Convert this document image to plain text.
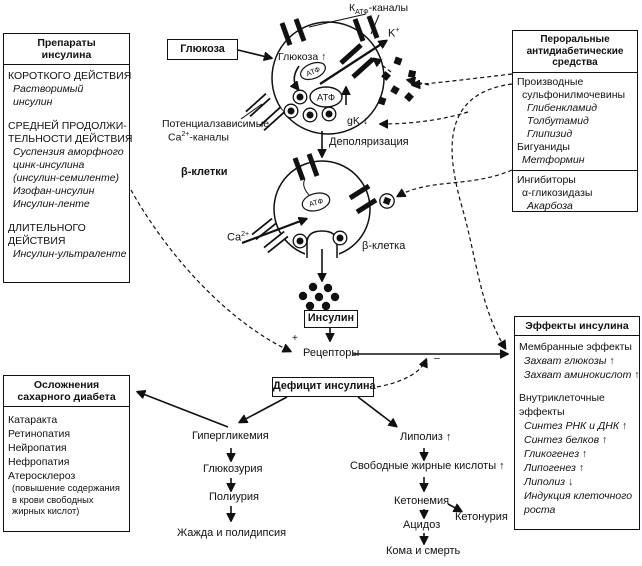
АТФ
АТФ
АТФ
$К_{АТФ}$-каналы
K+
Глюкоза ↑
gK ↓
Деполяризация
β-клетки
β-клетка
Потенциалзависимые
$Ca^{2+}$-каналы
$Ca^{2+}$
+
Рецепторы	–
Глюкоза
Инсулин
Дефицит инсулина
Гипергликемия
Глюкозурия
Полиурия
Жажда и полидипсия
Липолиз ↑
Свободные жирные кислоты ↑
Кетонемия
Кетонурия
Ацидоз
Кома и смерть
Препараты
инсулина
КОРОТКОГО ДЕЙСТВИЯ
Растворимый
инсулин
СРЕДНЕЙ ПРОДОЛЖИ-
ТЕЛЬНОСТИ ДЕЙСТВИЯ
Суспензия аморфного
цинк-инсулина
(инсулин-семиленте)
Изофан-инсулин
Инсулин-ленте
ДЛИТЕЛЬНОГО
ДЕЙСТВИЯ
Инсулин-ультраленте
Пероральные
антидиабетические
средства
Производные
сульфонилмочевины
Глибенкламид
Толбутамид
Глипизид
Бигуаниды
Метформин
Ингибиторы
α-гликозидазы
Акарбоза
Эффекты инсулина
Мембранные эффекты
Захват глюкозы ↑
Захват аминокислот ↑
Внутриклеточные
эффекты
Синтез РНК и ДНК ↑
Синтез белков ↑
Гликогенез ↑
Липогенез ↑
Липолиз ↓
Индукция клеточного
роста
Осложнения
сахарного диабета
Катаракта
Ретинопатия
Нейропатия
Нефропатия
Атеросклероз
(повышение содержания
в крови свободных
жирных кислот)
